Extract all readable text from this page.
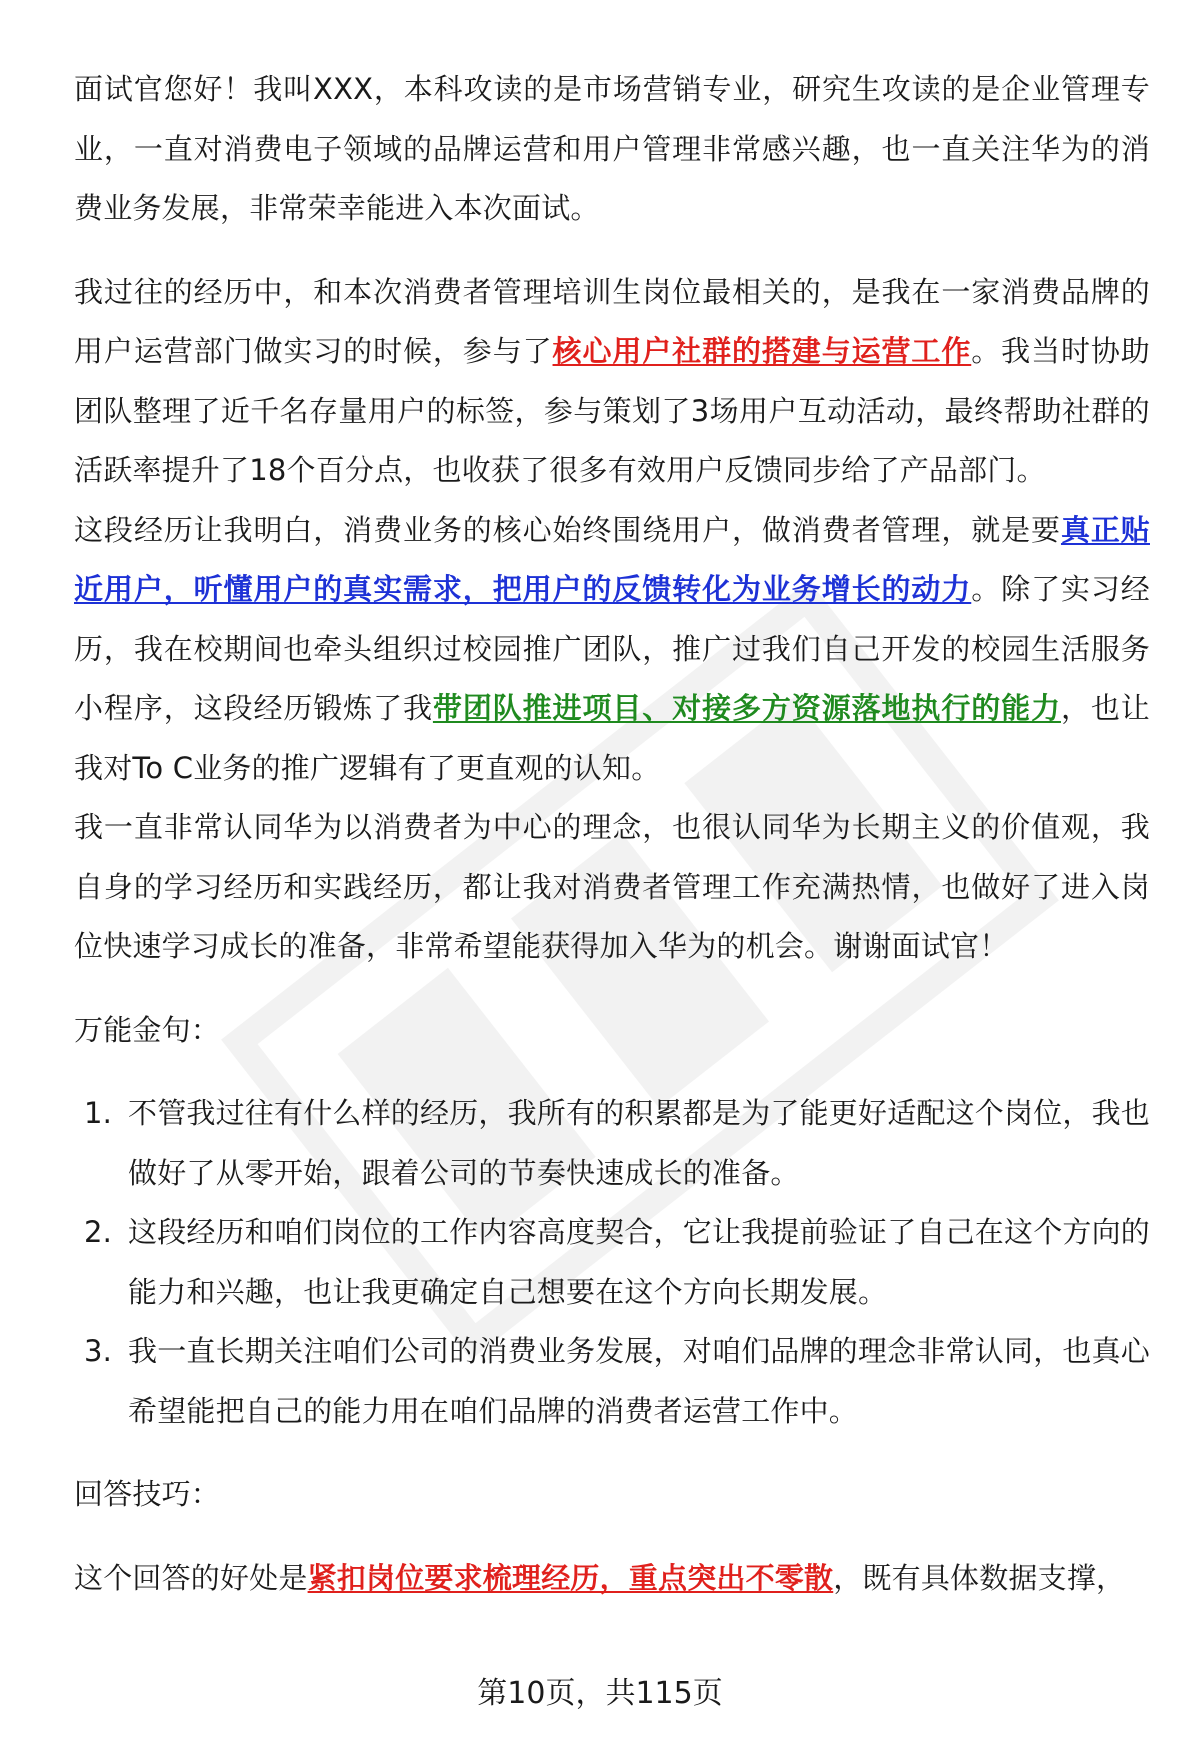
面试官您好！我叫XXX，本科攻读的是市场营销专业，研究生攻读的是企业管理专业，一直对消费电子领域的品牌运营和用户管理非常感兴趣，也一直关注华为的消费业务发展，非常荣幸能进入本次面试。

我过往的经历中，和本次消费者管理培训生岗位最相关的，是我在一家消费品牌的用户运营部门做实习的时候，参与了核心用户社群的搭建与运营工作。我当时协助团队整理了近千名存量用户的标签，参与策划了3场用户互动活动，最终帮助社群的活跃率提升了18个百分点，也收获了很多有效用户反馈同步给了产品部门。

这段经历让我明白，消费业务的核心始终围绕用户，做消费者管理，就是要真正贴近用户，听懂用户的真实需求，把用户的反馈转化为业务增长的动力。除了实习经历，我在校期间也牵头组织过校园推广团队，推广过我们自己开发的校园生活服务小程序，这段经历锻炼了我带团队推进项目、对接多方资源落地执行的能力，也让我对To C业务的推广逻辑有了更直观的认知。

我一直非常认同华为以消费者为中心的理念，也很认同华为长期主义的价值观，我自身的学习经历和实践经历，都让我对消费者管理工作充满热情，也做好了进入岗位快速学习成长的准备，非常希望能获得加入华为的机会。谢谢面试官！

万能金句：

1. 不管我过往有什么样的经历，我所有的积累都是为了能更好适配这个岗位，我也做好了从零开始，跟着公司的节奏快速成长的准备。
2. 这段经历和咱们岗位的工作内容高度契合，它让我提前验证了自己在这个方向的能力和兴趣，也让我更确定自己想要在这个方向长期发展。
3. 我一直长期关注咱们公司的消费业务发展，对咱们品牌的理念非常认同，也真心希望能把自己的能力用在咱们品牌的消费者运营工作中。

回答技巧：

这个回答的好处是紧扣岗位要求梳理经历，重点突出不零散，既有具体数据支撑，

第10页，共115页
